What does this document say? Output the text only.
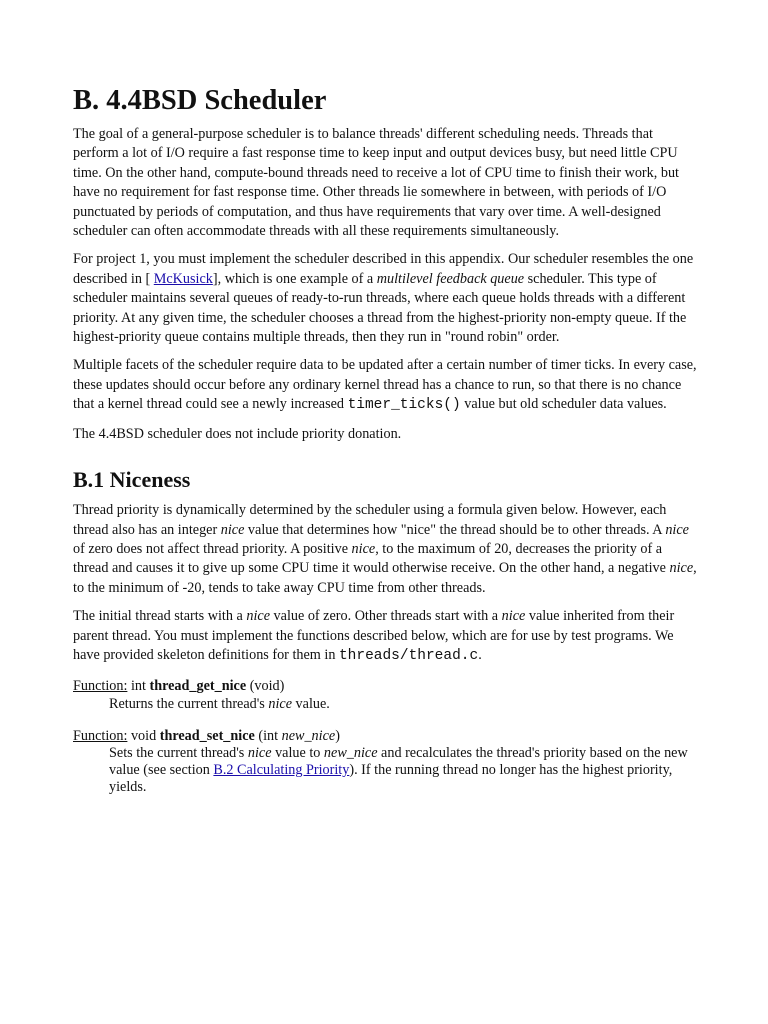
B. 4.4BSD Scheduler

The goal of a general-purpose scheduler is to balance threads' different scheduling needs. Threads that perform a lot of I/O require a fast response time to keep input and output devices busy, but need little CPU time. On the other hand, compute-bound threads need to receive a lot of CPU time to finish their work, but have no requirement for fast response time. Other threads lie somewhere in between, with periods of I/O punctuated by periods of computation, and thus have requirements that vary over time. A well-designed scheduler can often accommodate threads with all these requirements simultaneously.

For project 1, you must implement the scheduler described in this appendix. Our scheduler resembles the one described in [ McKusick], which is one example of a multilevel feedback queue scheduler. This type of scheduler maintains several queues of ready-to-run threads, where each queue holds threads with a different priority. At any given time, the scheduler chooses a thread from the highest-priority non-empty queue. If the highest-priority queue contains multiple threads, then they run in "round robin" order.

Multiple facets of the scheduler require data to be updated after a certain number of timer ticks. In every case, these updates should occur before any ordinary kernel thread has a chance to run, so that there is no chance that a kernel thread could see a newly increased timer_ticks() value but old scheduler data values.

The 4.4BSD scheduler does not include priority donation.

B.1 Niceness

Thread priority is dynamically determined by the scheduler using a formula given below. However, each thread also has an integer nice value that determines how "nice" the thread should be to other threads. A nice of zero does not affect thread priority. A positive nice, to the maximum of 20, decreases the priority of a thread and causes it to give up some CPU time it would otherwise receive. On the other hand, a negative nice, to the minimum of -20, tends to take away CPU time from other threads.

The initial thread starts with a nice value of zero. Other threads start with a nice value inherited from their parent thread. You must implement the functions described below, which are for use by test programs. We have provided skeleton definitions for them in threads/thread.c.

Function: int thread_get_nice (void)
Returns the current thread's nice value.
Function: void thread_set_nice (int new_nice)
Sets the current thread's nice value to new_nice and recalculates the thread's priority based on the new value (see section B.2 Calculating Priority). If the running thread no longer has the highest priority, yields.
